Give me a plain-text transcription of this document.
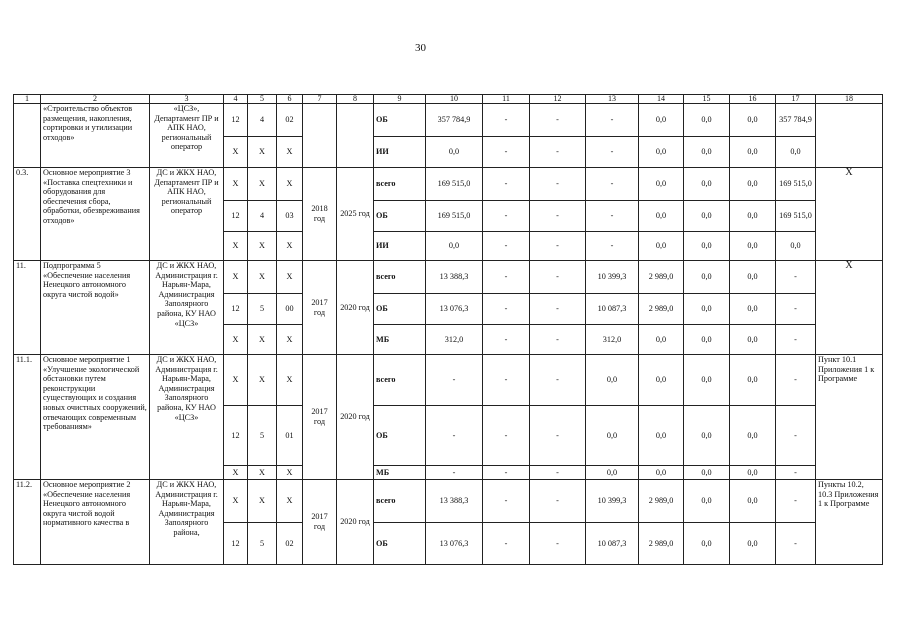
30
1	2	3	4	5	6	7	8	9	10	11	12	13	14	15	16	17	18
	«Строительство объектов размещения, накопления, сортировки и утилизации отходов»	«ЦСЗ», Департамент ПР и АПК НАО, региональный оператор	12	4	02			ОБ	357 784,9	-	-	-	0,0	0,0	0,0	357 784,9	
			Х	Х	Х			ИИ	0,0	-	-	-	0,0	0,0	0,0	0,0	
0.3.	Основное мероприятие 3 «Поставка спецтехники и оборудования для обеспечения сбора, обработки, обезвреживания отходов»	ДС и ЖКХ НАО, Департамент ПР и АПК НАО, региональный оператор	Х	Х	Х	2018 год	2025 год	всего	169 515,0	-	-	-	0,0	0,0	0,0	169 515,0	Х
			12	4	03			ОБ	169 515,0	-	-	-	0,0	0,0	0,0	169 515,0	
			Х	Х	Х			ИИ	0,0	-	-	-	0,0	0,0	0,0	0,0	
11.	Подпрограмма 5 «Обеспечение населения Ненецкого автономного округа чистой водой»	ДС и ЖКХ НАО, Администрация г. Нарьян-Мара, Администрация Заполярного района, КУ НАО «ЦСЗ»	Х	Х	Х	2017 год	2020 год	всего	13 388,3	-	-	10 399,3	2 989,0	0,0	0,0	-	Х
			12	5	00			ОБ	13 076,3	-	-	10 087,3	2 989,0	0,0	0,0	-	
			Х	Х	Х			МБ	312,0	-	-	312,0	0,0	0,0	0,0	-	
11.1.	Основное мероприятие 1 «Улучшение экологической обстановки путем реконструкции существующих и создания новых очистных сооружений, отвечающих современным требованиям»	ДС и ЖКХ НАО, Администрация г. Нарьян-Мара, Администрация Заполярного района, КУ НАО «ЦСЗ»	Х	Х	Х	2017 год	2020 год	всего	-	-	-	0,0	0,0	0,0	0,0	-	Пункт 10.1 Приложения 1 к Программе
			12	5	01			ОБ	-	-	-	0,0	0,0	0,0	0,0	-	
			Х	Х	Х			МБ	-	-	-	0,0	0,0	0,0	0,0	-	
11.2.	Основное мероприятие 2 «Обеспечение населения Ненецкого автономного округа чистой водой нормативного качества в	ДС и ЖКХ НАО, Администрация г. Нарьян-Мара, Администрация Заполярного района,	Х	Х	Х	2017 год	2020 год	всего	13 388,3	-	-	10 399,3	2 989,0	0,0	0,0	-	Пункты 10.2, 10.3 Приложения 1 к Программе
			12	5	02			ОБ	13 076,3	-	-	10 087,3	2 989,0	0,0	0,0	-	
